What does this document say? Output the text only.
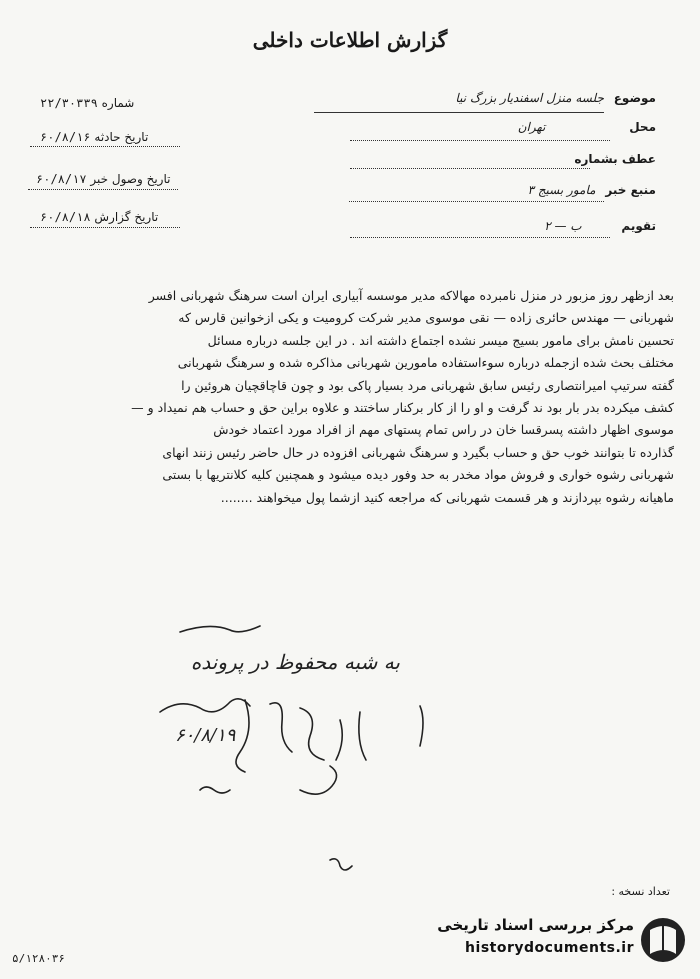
گزارش اطلاعات داخلی
موضوع جلسه منزل اسفندیار بزرگ نیا
محل تهران
عطف بشماره
منبع خبر مامور بسیج ۳
تقویم ب — ۲
شماره ۲۲/۳۰۳۳۹
تاریخ حادثه ۶۰/۸/۱۶
تاریخ وصول خبر ۶۰/۸/۱۷
تاریخ گزارش ۶۰/۸/۱۸

بعد ازظهر روز مزبور در منزل نامبرده مهالاکه مدیر موسسه آبیاری ایران است سرهنگ شهربانی افسر

شهربانی — مهندس حائری زاده — نقی موسوی مدیر شرکت کرومیت و یکی ازخوانین قارس که

تحسین نامش برای مامور بسیج میسر نشده اجتماع داشته اند . در این جلسه درباره مسائل

مختلف بحث شده ازجمله درباره سوءاستفاده مامورین شهربانی مذاکره شده و سرهنگ شهربانی

گفته سرتیپ امیرانتصاری رئیس سابق شهربانی مرد بسیار پاکی بود و چون قاچاقچیان هروئین را

کشف میکرده بدر بار بود ند گرفت و او را از کار برکنار ساختند و علاوه براین حق و حساب هم نمیداد و —

موسوی اظهار داشته پسرقسا خان در راس تمام پستهای مهم از افراد مورد اعتماد خودش

گذارده تا بتوانند خوب حق و حساب بگیرد و سرهنگ شهربانی افزوده در حال حاضر رئیس زنند انهای

شهربانی رشوه خواری و فروش مواد مخدر به حد وفور دیده میشود و همچنین کلیه کلانتریها با بستی

ماهیانه رشوه بپردازند و هر قسمت شهربانی که مراجعه کنید ازشما پول میخواهند ........

به شبه محفوظ در پرونده
۶۰/۸/۱۹
تعداد نسخه :
۵/۱۲۸۰۳۶
مرکز بررسی اسناد تاریخی
historydocuments.ir
